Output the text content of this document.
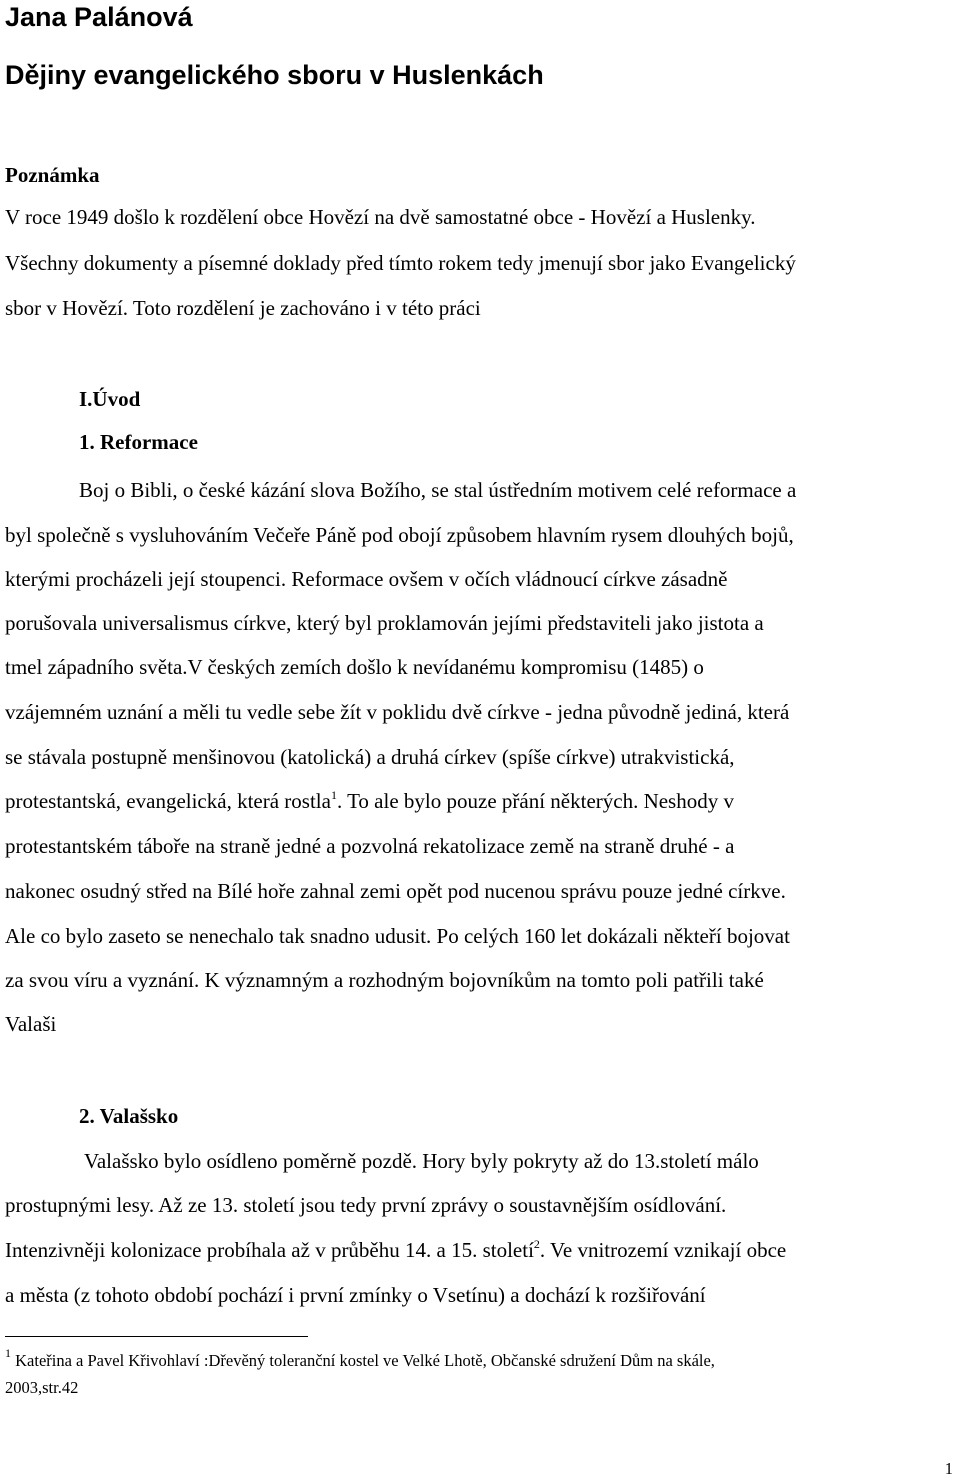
Jana Palánová
Dějiny evangelického sboru v Huslenkách
Poznámka
V roce 1949 došlo k rozdělení obce Hovězí na dvě samostatné obce - Hovězí a Huslenky.
Všechny dokumenty a písemné doklady před tímto rokem tedy jmenují sbor jako Evangelický
sbor v Hovězí. Toto rozdělení je zachováno i v této práci
I.Úvod
1. Reformace
Boj o Bibli, o české kázání slova Božího, se stal ústředním motivem celé reformace a
byl společně s vysluhováním Večeře Páně pod obojí způsobem hlavním rysem dlouhých bojů,
kterými procházeli její stoupenci. Reformace ovšem v očích vládnoucí církve zásadně
porušovala universalismus církve, který byl proklamován jejími představiteli jako jistota a
tmel západního světa.V českých zemích došlo k nevídanému kompromisu (1485) o
vzájemném uznání a měli tu vedle sebe žít v poklidu dvě církve - jedna původně jediná, která
se stávala postupně menšinovou (katolická) a druhá církev (spíše církve) utrakvistická,
protestantská, evangelická, která rostla$^1$. To ale bylo pouze přání některých. Neshody v
protestantském táboře na straně jedné a pozvolná rekatolizace země na straně druhé - a
nakonec osudný střed na Bílé hoře zahnal zemi opět pod nucenou správu pouze jedné církve.
Ale co bylo zaseto se nenechalo tak snadno udusit. Po celých 160 let dokázali někteří bojovat
za svou víru a vyznání. K významným a rozhodným bojovníkům na tomto poli patřili také
Valaši
2. Valašsko
Valašsko bylo osídleno poměrně pozdě. Hory byly pokryty až do 13.století málo
prostupnými lesy. Až ze 13. století jsou tedy první zprávy o soustavnějším osídlování.
Intenzivněji kolonizace probíhala až v průběhu 14. a 15. století$^2$. Ve vnitrozemí vznikají obce
a města (z tohoto období pochází i první zmínky o Vsetínu) a dochází k rozšiřování
$^1$ Kateřina a Pavel Křivohlaví :Dřevěný toleranční kostel ve Velké Lhotě, Občanské sdružení Dům na skále,
2003,str.42
1
